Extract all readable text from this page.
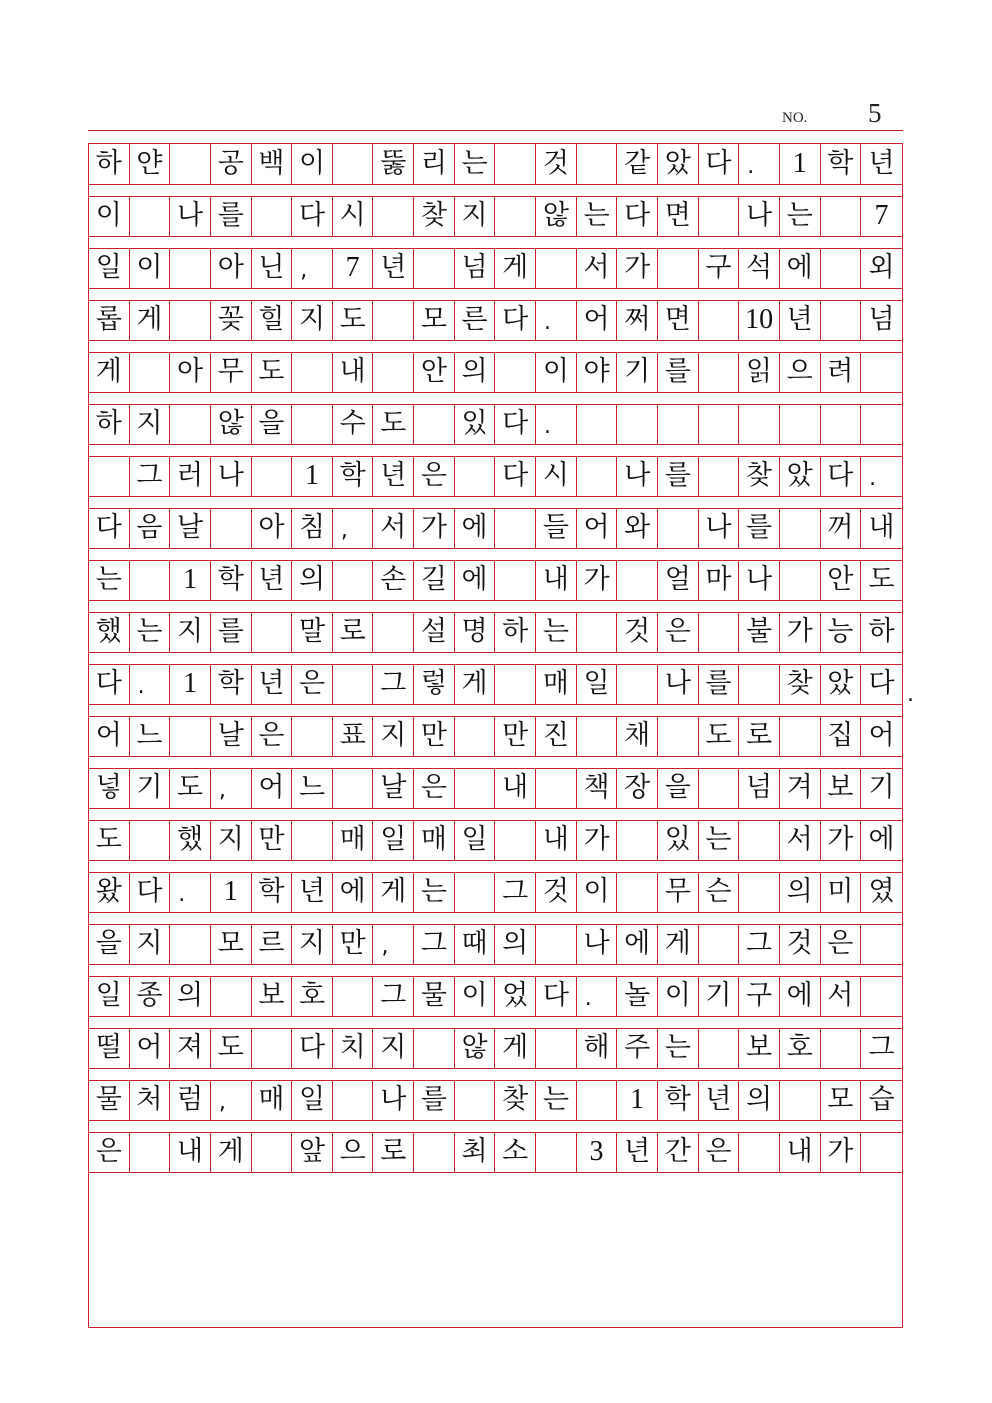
NO. 5
하 얀 공 백 이 뚫 리 는 것 같 았 다 .	1 학 년
이 나 를 다 시 찾 지 않 는 다 면 나 는	7
일 이 아 닌 ,	7 년 넘 게 서 가 구 석 에 외
롭 게 꽂 힐 지 도 모 른 다 .	어 쩌 면 10 년 넘
게 아 무 도 내 안 의 이 야 기 를 읽 으 려
하 지 않 을 수 도 있 다 .
그 러 나	1 학 년 은 다 시 나 를 찾 았 다 .
다 음 날 아 침 ,	서 가 에 들 어 와 나 를 꺼 내
는	1 학 년 의 손 길 에 내 가 얼 마 나 안 도
했 는 지 를 말 로 설 명 하 는 것 은 불 가 능 하
다 .	1 학 년 은 그 렇 게 매 일 나 를 찾 았 다
어 느 날 은 표 지 만 만 진 채 도 로 집 어
넣 기 도 ,	어 느 날 은 내 책 장 을 넘 겨 보 기
도 했 지 만 매 일 매 일 내 가 있 는 서 가 에
왔 다 .	1 학 년 에 게 는 그 것 이 무 슨 의 미 였
을 지 모 르 지 만 ,	그 때 의 나 에 게 그 것 은
일 종 의 보 호 그 물 이 었 다 .	놀 이 기 구 에 서
떨 어 져 도 다 치 지 않 게 해 주 는 보 호 그
물 처 럼 ,	매 일 나 를 찾 는	1 학 년 의 모 습
은 내 게 앞 으 로 최 소	3 년 간 은 내 가
.
